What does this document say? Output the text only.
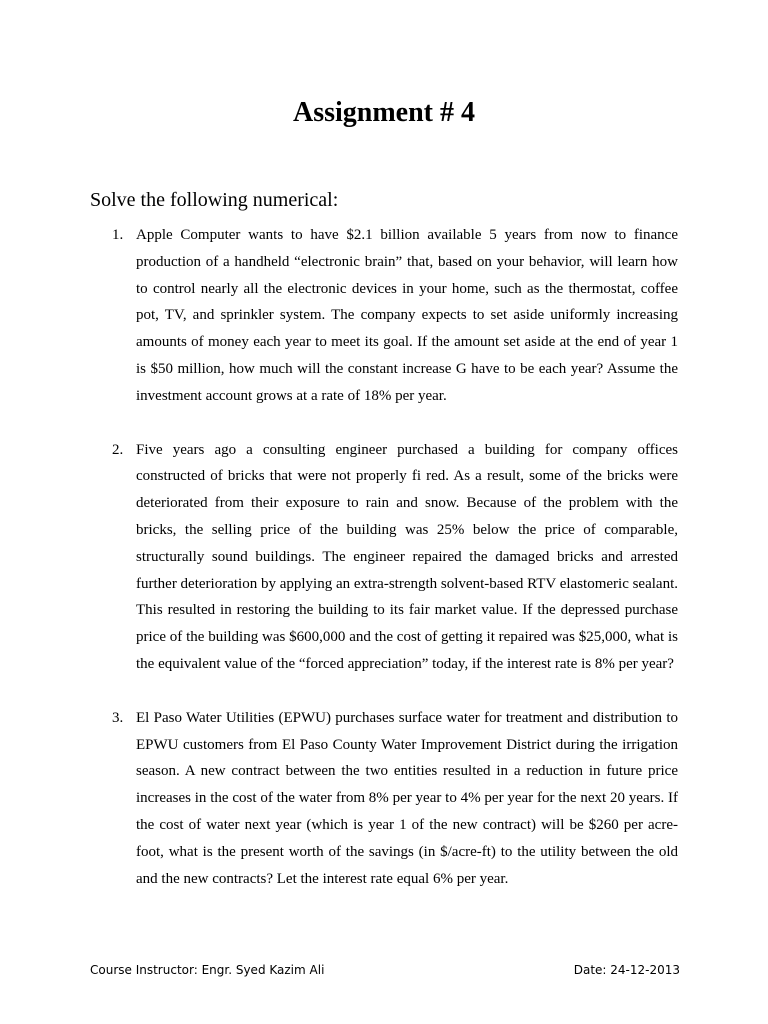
Assignment # 4

Solve the following numerical:

1. Apple Computer wants to have $2.1 billion available 5 years from now to finance production of a handheld “electronic brain” that, based on your behavior, will learn how to control nearly all the electronic devices in your home, such as the thermostat, coffee pot, TV, and sprinkler system. The company expects to set aside uniformly increasing amounts of money each year to meet its goal. If the amount set aside at the end of year 1 is $50 million, how much will the constant increase G have to be each year? Assume the investment account grows at a rate of 18% per year.

2. Five years ago a consulting engineer purchased a building for company offices constructed of bricks that were not properly fi red. As a result, some of the bricks were deteriorated from their exposure to rain and snow. Because of the problem with the bricks, the selling price of the building was 25% below the price of comparable, structurally sound buildings. The engineer repaired the damaged bricks and arrested further deterioration by applying an extra-strength solvent-based RTV elastomeric sealant. This resulted in restoring the building to its fair market value. If the depressed purchase price of the building was $600,000 and the cost of getting it repaired was $25,000, what is the equivalent value of the “forced appreciation” today, if the interest rate is 8% per year?

3. El Paso Water Utilities (EPWU) purchases surface water for treatment and distribution to EPWU customers from El Paso County Water Improvement District during the irrigation season. A new contract between the two entities resulted in a reduction in future price increases in the cost of the water from 8% per year to 4% per year for the next 20 years. If the cost of water next year (which is year 1 of the new contract) will be $260 per acre-foot, what is the present worth of the savings (in $/acre-ft) to the utility between the old and the new contracts? Let the interest rate equal 6% per year.

Course Instructor: Engr. Syed Kazim Ali	Date: 24-12-2013
